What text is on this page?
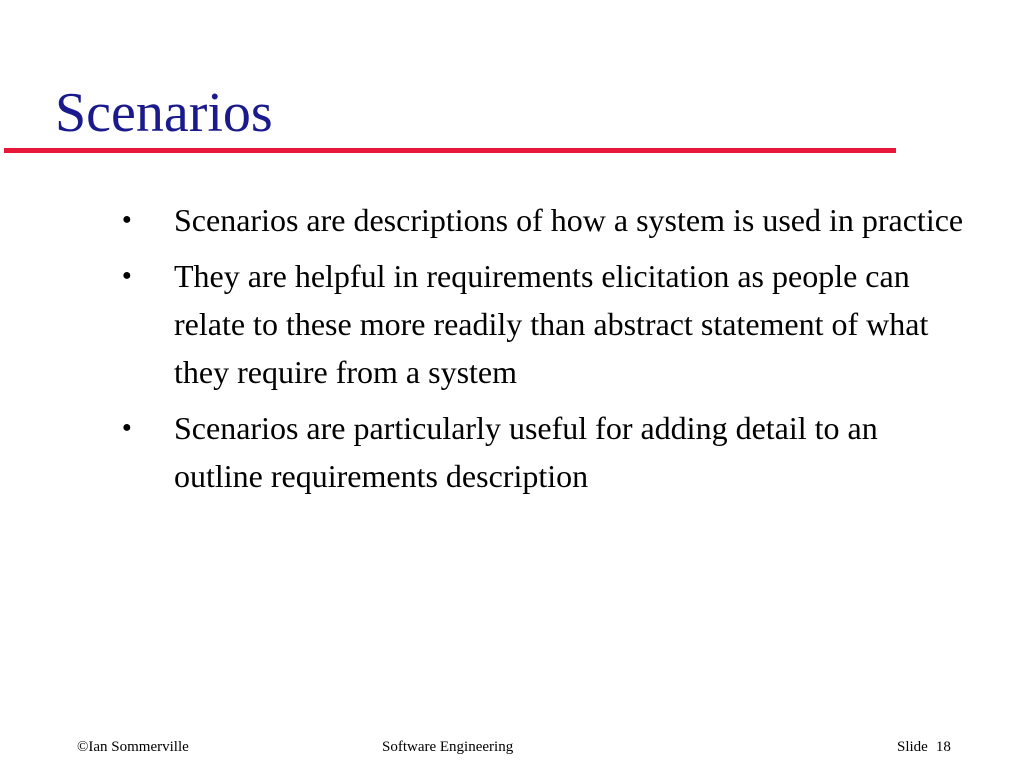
Scenarios
●	Scenarios are descriptions of how a system is used in practice
●	They are helpful in requirements elicitation as people can relate to these more readily than abstract statement of what they require from a system
●	Scenarios are particularly useful for adding detail to an outline requirements description
©Ian Sommerville	Software Engineering	Slide 18
